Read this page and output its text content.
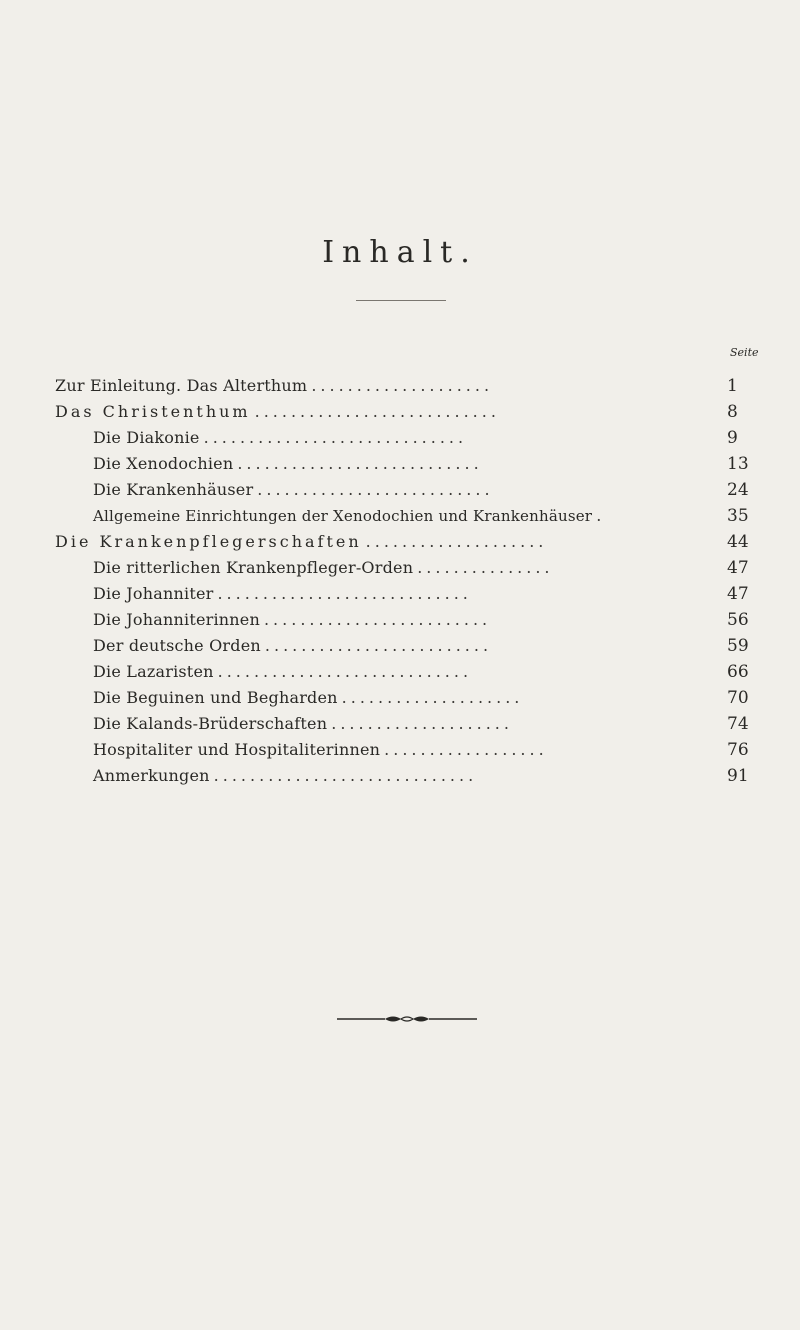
Inhalt.
Seite
Zur Einleitung. Das Alterthum ....................	1
Das Christenthum ...........................	8
Die Diakonie .............................	9
Die Xenodochien ...........................	13
Die Krankenhäuser ..........................	24
Allgemeine Einrichtungen der Xenodochien und Krankenhäuser .	35
Die Krankenpflegerschaften ....................	44
Die ritterlichen Krankenpfleger-Orden ...............	47
Die Johanniter ............................	47
Die Johanniterinnen .........................	56
Der deutsche Orden .........................	59
Die Lazaristen ............................	66
Die Beguinen und Begharden ....................	70
Die Kalands-Brüderschaften ....................	74
Hospitaliter und Hospitaliterinnen ..................	76
Anmerkungen .............................	91
